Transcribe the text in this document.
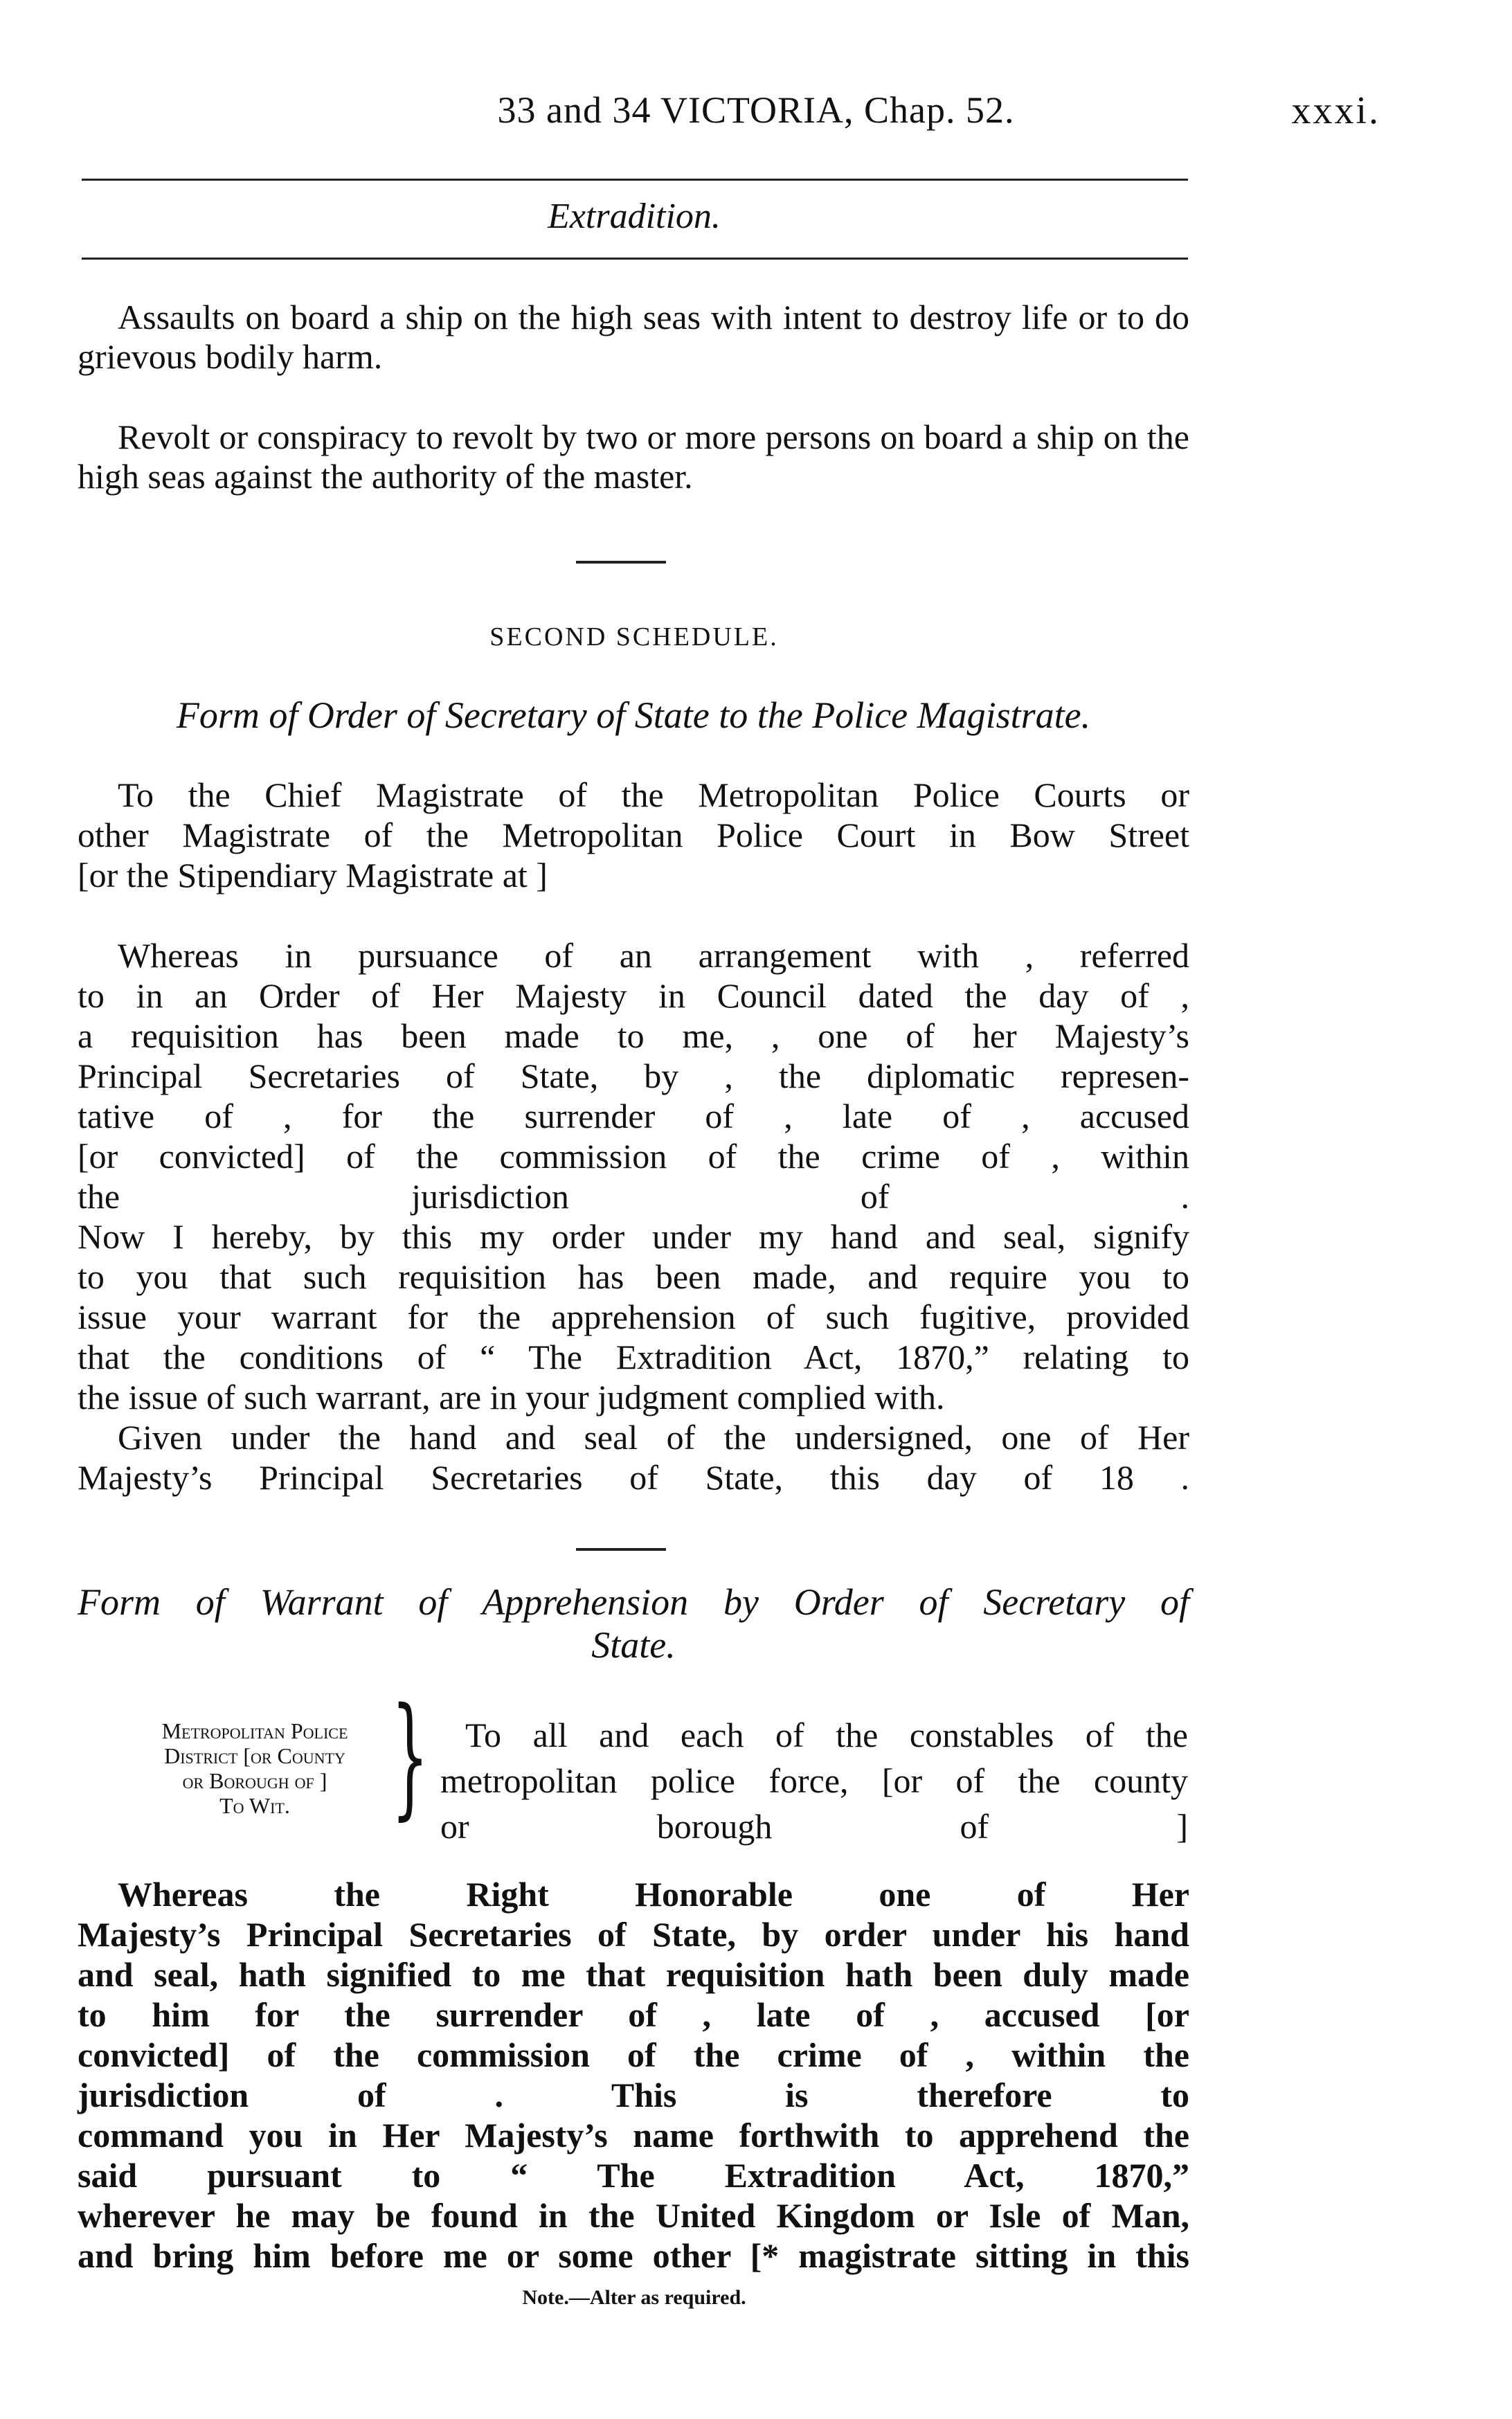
33 and 34 VICTORIA, Chap. 52.	xxxi.
Extradition.
Assaults on board a ship on the high seas with intent to destroy life or to do grievous bodily harm.
Revolt or conspiracy to revolt by two or more persons on board a ship on the high seas against the authority of the master.
SECOND SCHEDULE.
Form of Order of Secretary of State to the Police Magistrate.
To the Chief Magistrate of the Metropolitan Police Courts or
other Magistrate of the Metropolitan Police Court in Bow Street
[or the Stipendiary Magistrate at ]
Whereas in pursuance of an arrangement with , referred
to in an Order of Her Majesty in Council dated the day of ,
a requisition has been made to me, , one of her Majesty’s
Principal Secretaries of State, by , the diplomatic represen-
tative of , for the surrender of , late of , accused
[or convicted] of the commission of the crime of , within
the jurisdiction of .
Now I hereby, by this my order under my hand and seal, signify
to you that such requisition has been made, and require you to
issue your warrant for the apprehension of such fugitive, provided
that the conditions of “ The Extradition Act, 1870,” relating to
the issue of such warrant, are in your judgment complied with.
Given under the hand and seal of the undersigned, one of Her
Majesty’s Principal Secretaries of State, this day of 18 .
Form of Warrant of Apprehension by Order of Secretary of
State.
Metropolitan Police
District [or County
or Borough of ]
To Wit. }	To all and each of the constables of the
metropolitan police force, [or of the county
or borough of ]
Whereas the Right Honorable one of Her
Majesty’s Principal Secretaries of State, by order under his hand
and seal, hath signified to me that requisition hath been duly made
to him for the surrender of , late of , accused [or
convicted] of the commission of the crime of , within the
jurisdiction of . This is therefore to
command you in Her Majesty’s name forthwith to apprehend the
said pursuant to “ The Extradition Act, 1870,”
wherever he may be found in the United Kingdom or Isle of Man,
and bring him before me or some other [* magistrate sitting in this
Note.—Alter as required.
